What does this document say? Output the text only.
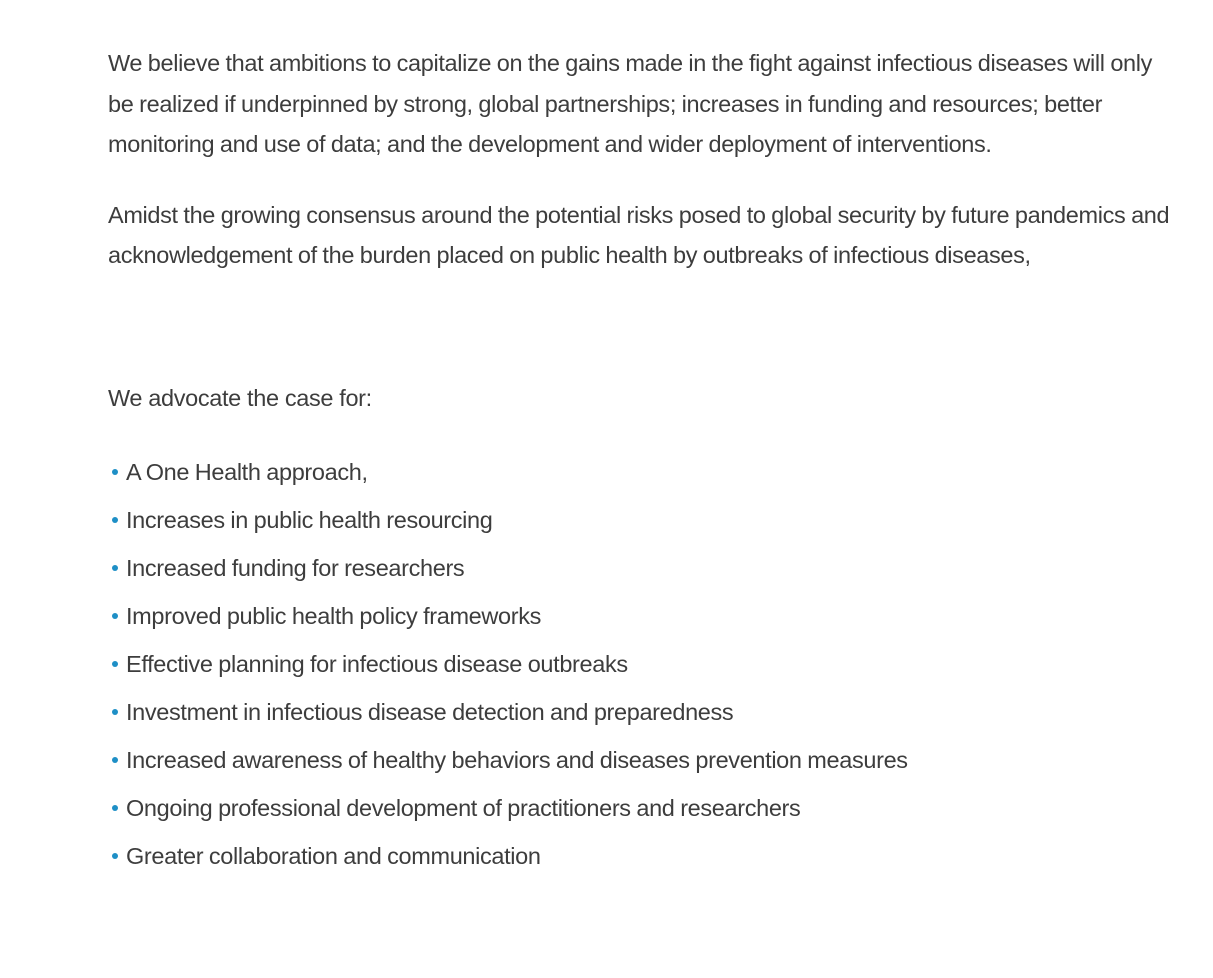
We believe that ambitions to capitalize on the gains made in the fight against infectious diseases will only be realized if underpinned by strong, global partnerships; increases in funding and resources; better monitoring and use of data; and the development and wider deployment of interventions.

Amidst the growing consensus around the potential risks posed to global security by future pandemics and acknowledgement of the burden placed on public health by outbreaks of infectious diseases,

We advocate the case for:

A One Health approach,
Increases in public health resourcing
Increased funding for researchers
Improved public health policy frameworks
Effective planning for infectious disease outbreaks
Investment in infectious disease detection and preparedness
Increased awareness of healthy behaviors and diseases prevention measures
Ongoing professional development of practitioners and researchers
Greater collaboration and communication
